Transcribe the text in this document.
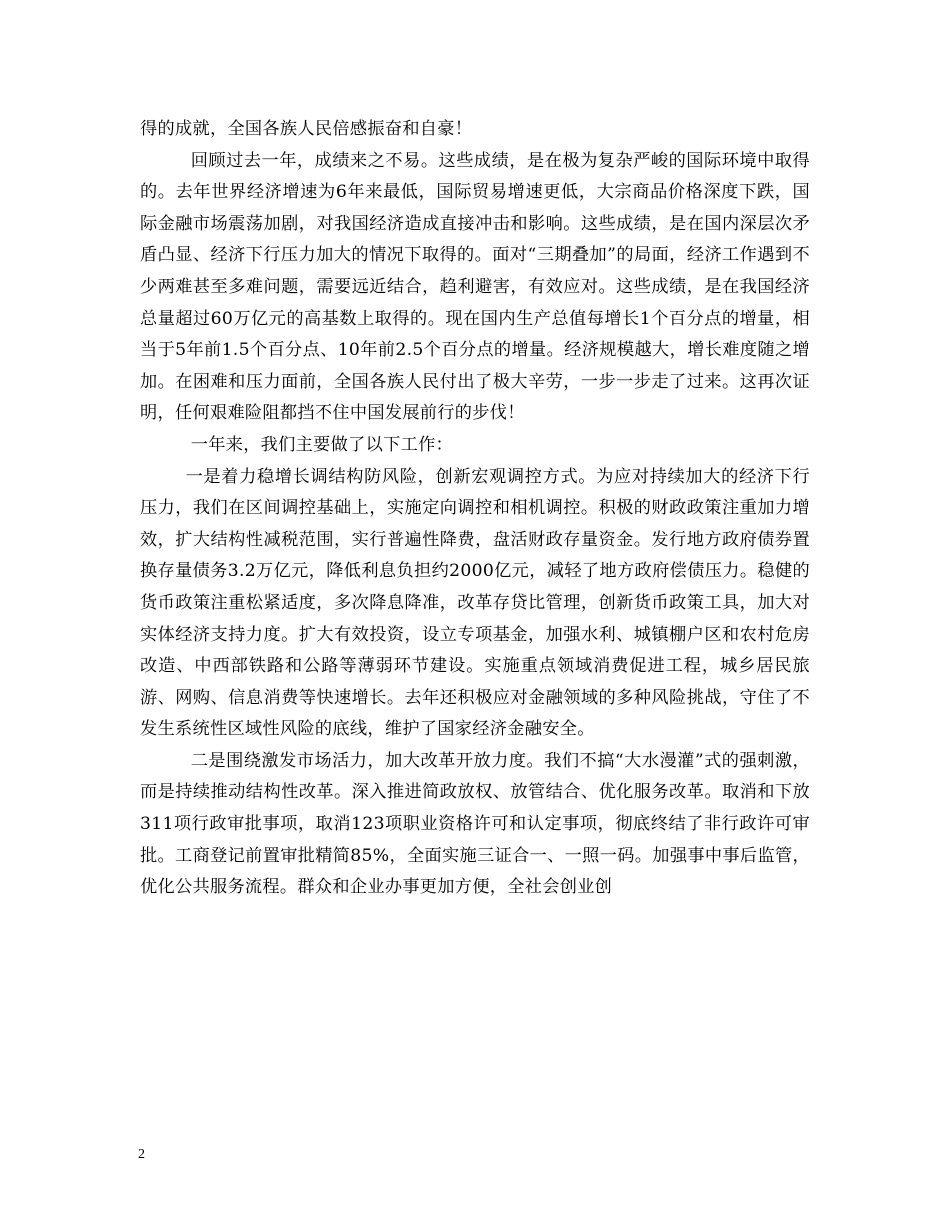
得的成就，全国各族人民倍感振奋和自豪！

回顾过去一年，成绩来之不易。这些成绩，是在极为复杂严峻的国际环境中取得的。去年世界经济增速为6年来最低，国际贸易增速更低，大宗商品价格深度下跌，国际金融市场震荡加剧，对我国经济造成直接冲击和影响。这些成绩，是在国内深层次矛盾凸显、经济下行压力加大的情况下取得的。面对“三期叠加”的局面，经济工作遇到不少两难甚至多难问题，需要远近结合，趋利避害，有效应对。这些成绩，是在我国经济总量超过60万亿元的高基数上取得的。现在国内生产总值每增长1个百分点的增量，相当于5年前1.5个百分点、10年前2.5个百分点的增量。经济规模越大，增长难度随之增加。在困难和压力面前，全国各族人民付出了极大辛劳，一步一步走了过来。这再次证明，任何艰难险阻都挡不住中国发展前行的步伐！

一年来，我们主要做了以下工作：

一是着力稳增长调结构防风险，创新宏观调控方式。为应对持续加大的经济下行压力，我们在区间调控基础上，实施定向调控和相机调控。积极的财政政策注重加力增效，扩大结构性减税范围，实行普遍性降费，盘活财政存量资金。发行地方政府债券置换存量债务3.2万亿元，降低利息负担约2000亿元，减轻了地方政府偿债压力。稳健的货币政策注重松紧适度，多次降息降准，改革存贷比管理，创新货币政策工具，加大对实体经济支持力度。扩大有效投资，设立专项基金，加强水利、城镇棚户区和农村危房改造、中西部铁路和公路等薄弱环节建设。实施重点领域消费促进工程，城乡居民旅游、网购、信息消费等快速增长。去年还积极应对金融领域的多种风险挑战，守住了不发生系统性区域性风险的底线，维护了国家经济金融安全。

二是围绕激发市场活力，加大改革开放力度。我们不搞“大水漫灌”式的强刺激，而是持续推动结构性改革。深入推进简政放权、放管结合、优化服务改革。取消和下放311项行政审批事项，取消123项职业资格许可和认定事项，彻底终结了非行政许可审批。工商登记前置审批精简85%，全面实施三证合一、一照一码。加强事中事后监管，优化公共服务流程。群众和企业办事更加方便，全社会创业创

2
